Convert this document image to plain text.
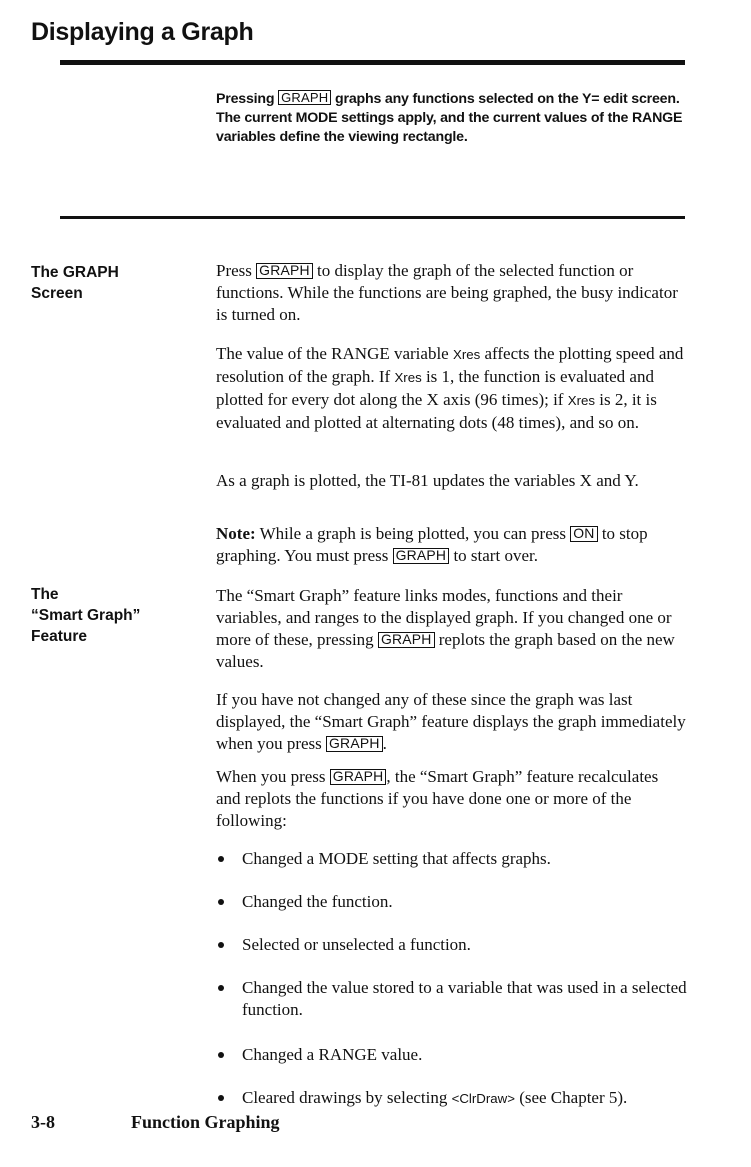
Displaying a Graph
Pressing GRAPH graphs any functions selected on the Y= edit screen. The current MODE settings apply, and the current values of the RANGE variables define the viewing rectangle.
The GRAPH
Screen

Press GRAPH to display the graph of the selected function or functions. While the functions are being graphed, the busy indicator is turned on.

The value of the RANGE variable Xres affects the plotting speed and resolution of the graph. If Xres is 1, the function is evaluated and plotted for every dot along the X axis (96 times); if Xres is 2, it is evaluated and plotted at alternating dots (48 times), and so on.

As a graph is plotted, the TI-81 updates the variables X and Y.

Note: While a graph is being plotted, you can press ON to stop graphing. You must press GRAPH to start over.

The
“Smart Graph”
Feature

The “Smart Graph” feature links modes, functions and their variables, and ranges to the displayed graph. If you changed one or more of these, pressing GRAPH replots the graph based on the new values.

If you have not changed any of these since the graph was last displayed, the “Smart Graph” feature displays the graph immediately when you press GRAPH .

When you press GRAPH , the “Smart Graph” feature recalculates and replots the functions if you have done one or more of the following:

Changed a MODE setting that affects graphs.
Changed the function.
Selected or unselected a function.
Changed the value stored to a variable that was used in a selected function.
Changed a RANGE value.
Cleared drawings by selecting <ClrDraw> (see Chapter 5).
3-8	Function Graphing
